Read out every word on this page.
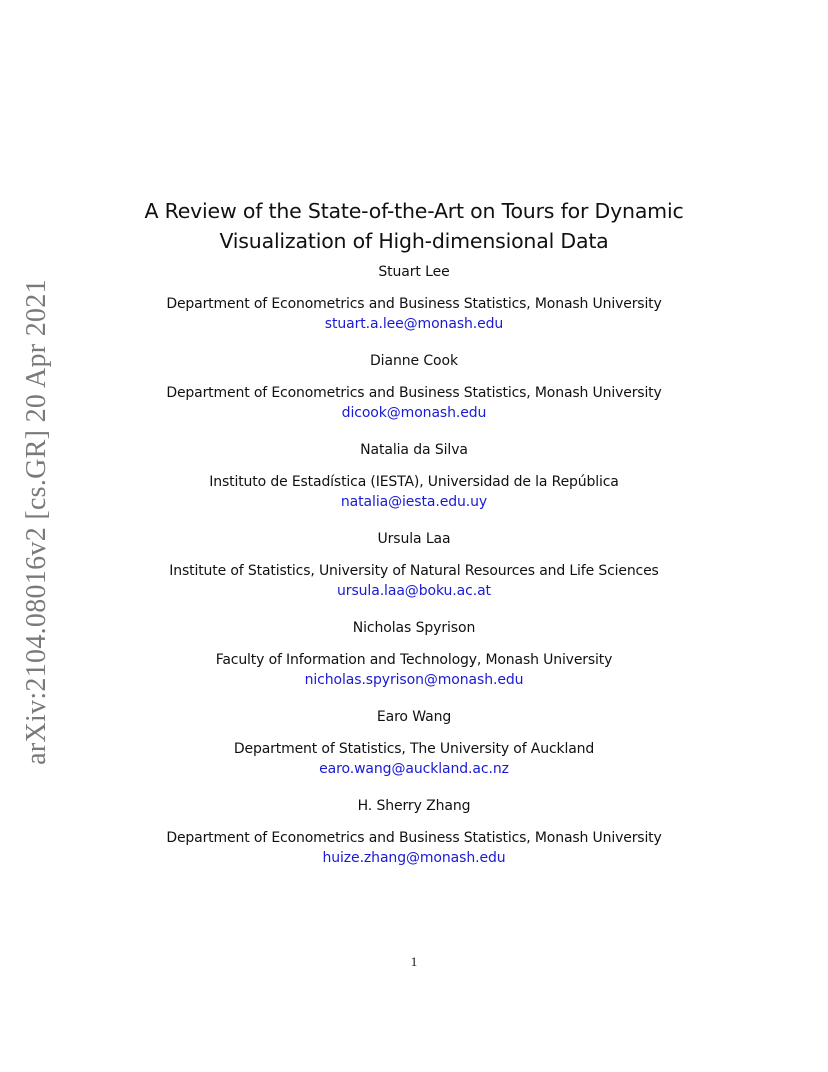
arXiv:2104.08016v2 [cs.GR] 20 Apr 2021
A Review of the State-of-the-Art on Tours for Dynamic
Visualization of High-dimensional Data

Stuart Lee

Department of Econometrics and Business Statistics, Monash University

stuart.a.lee@monash.edu

Dianne Cook

Department of Econometrics and Business Statistics, Monash University

dicook@monash.edu

Natalia da Silva

Instituto de Estadística (IESTA), Universidad de la República

natalia@iesta.edu.uy

Ursula Laa

Institute of Statistics, University of Natural Resources and Life Sciences

ursula.laa@boku.ac.at

Nicholas Spyrison

Faculty of Information and Technology, Monash University

nicholas.spyrison@monash.edu

Earo Wang

Department of Statistics, The University of Auckland

earo.wang@auckland.ac.nz

H. Sherry Zhang

Department of Econometrics and Business Statistics, Monash University

huize.zhang@monash.edu
1
